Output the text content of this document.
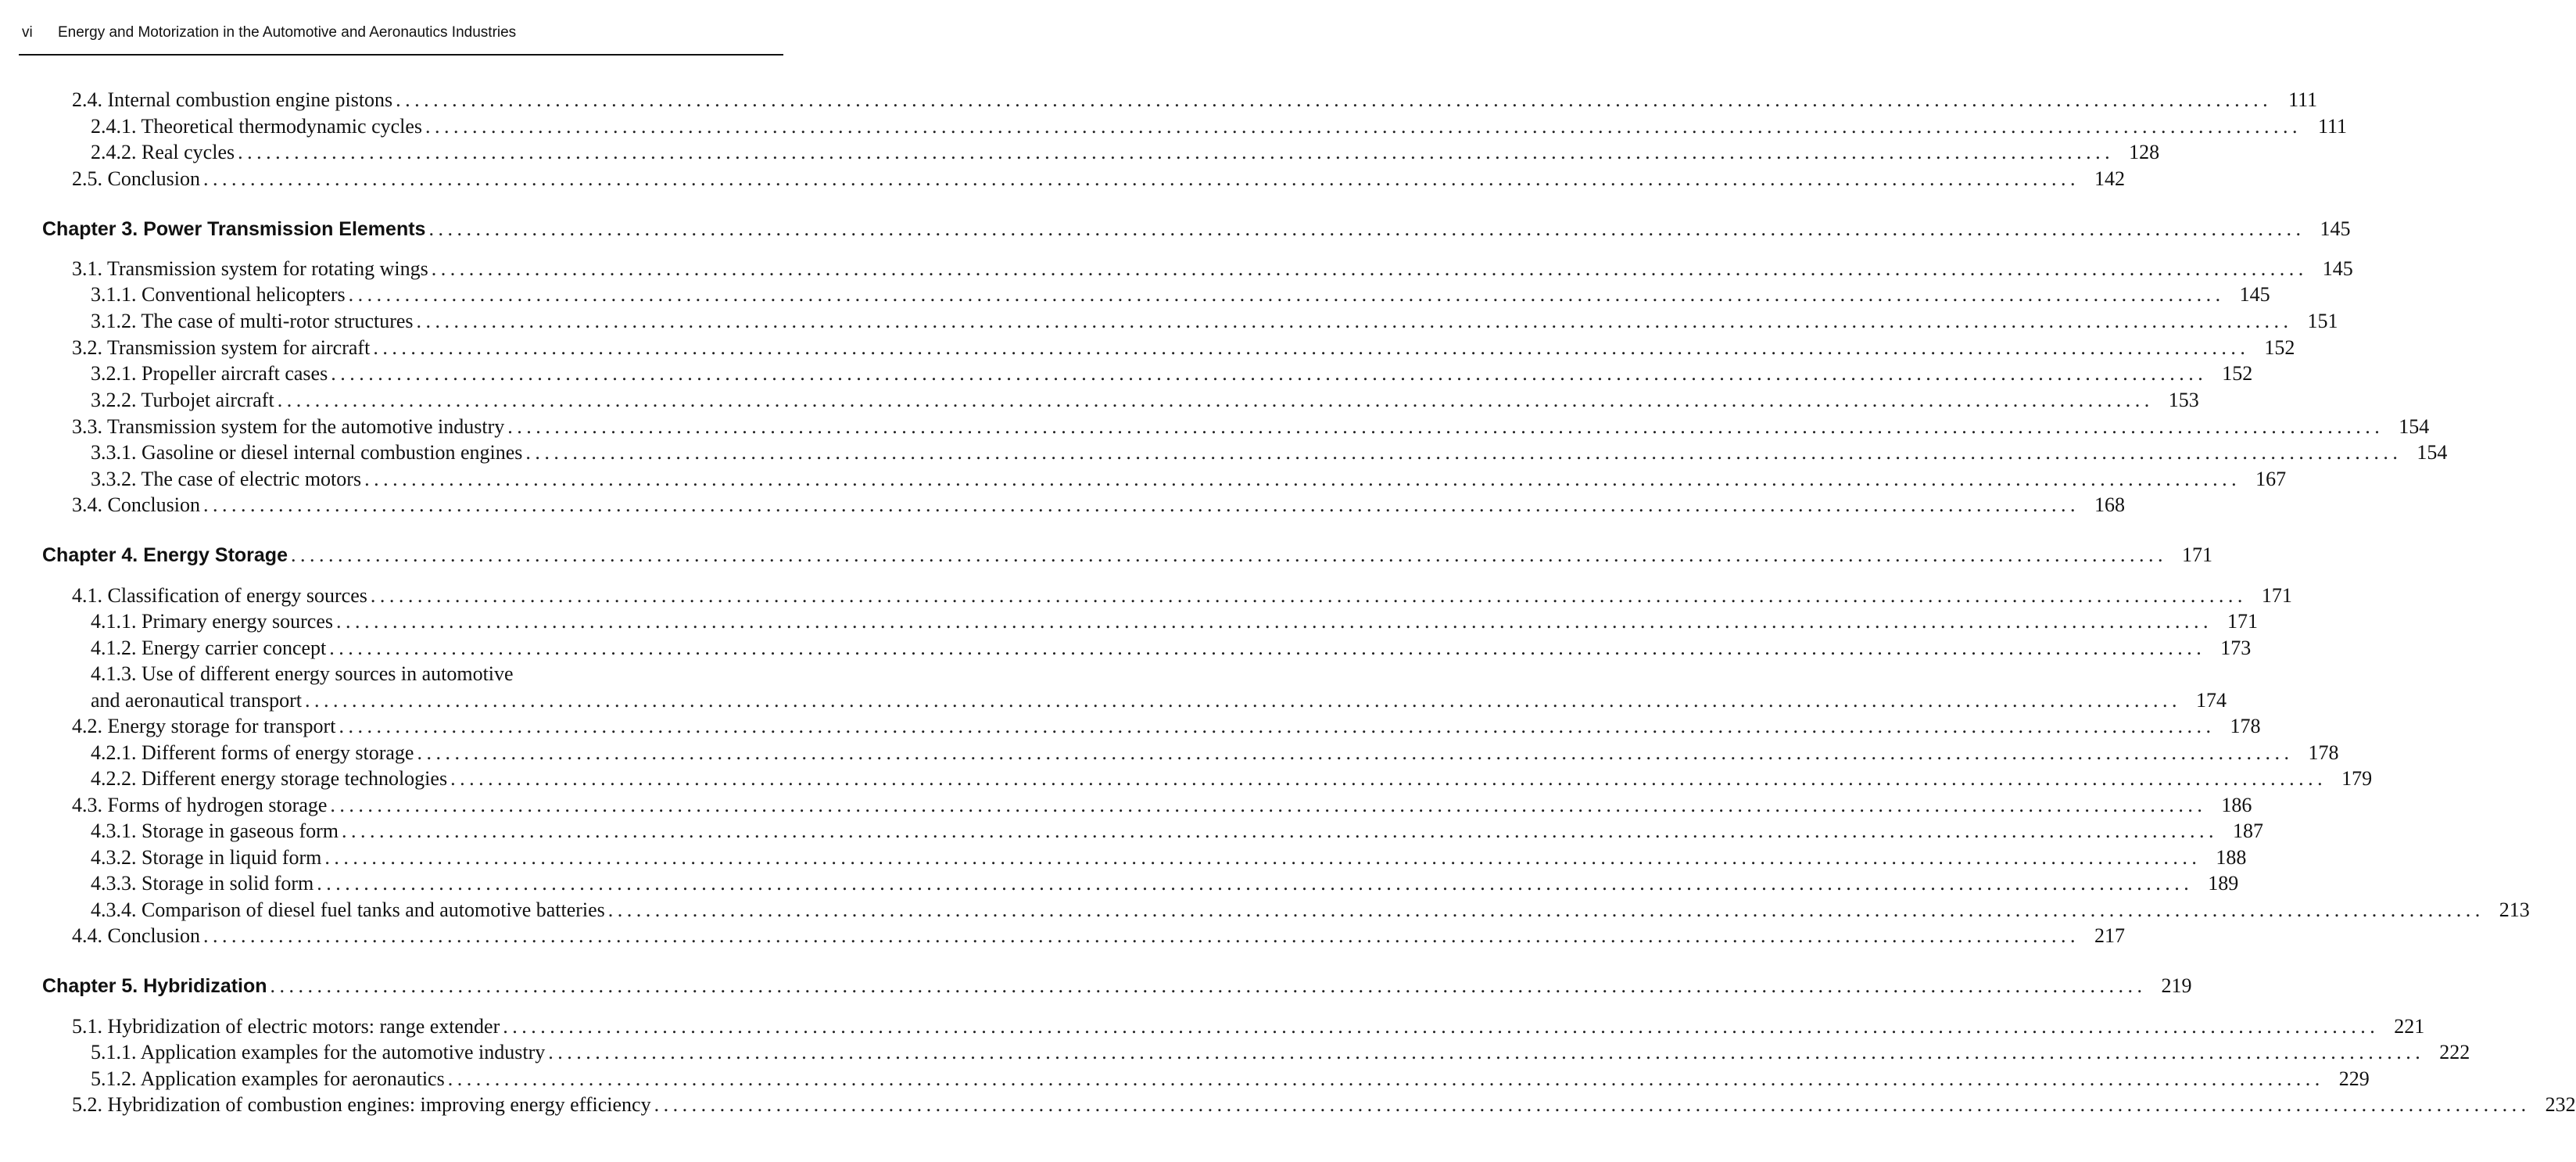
vi Energy and Motorization in the Automotive and Aeronautics Industries
2.4. Internal combustion engine pistons ........................................................................................................................................................................................................ 111
2.4.1. Theoretical thermodynamic cycles ........................................................................................................................................................................................................ 111
2.4.2. Real cycles ........................................................................................................................................................................................................ 128
2.5. Conclusion ........................................................................................................................................................................................................ 142
Chapter 3. Power Transmission Elements ........................................................................................................................................................................................................ 145
3.1. Transmission system for rotating wings ........................................................................................................................................................................................................ 145
3.1.1. Conventional helicopters ........................................................................................................................................................................................................ 145
3.1.2. The case of multi-rotor structures ........................................................................................................................................................................................................ 151
3.2. Transmission system for aircraft ........................................................................................................................................................................................................ 152
3.2.1. Propeller aircraft cases ........................................................................................................................................................................................................ 152
3.2.2. Turbojet aircraft ........................................................................................................................................................................................................ 153
3.3. Transmission system for the automotive industry ........................................................................................................................................................................................................ 154
3.3.1. Gasoline or diesel internal combustion engines ........................................................................................................................................................................................................ 154
3.3.2. The case of electric motors ........................................................................................................................................................................................................ 167
3.4. Conclusion ........................................................................................................................................................................................................ 168
Chapter 4. Energy Storage ........................................................................................................................................................................................................ 171
4.1. Classification of energy sources ........................................................................................................................................................................................................ 171
4.1.1. Primary energy sources ........................................................................................................................................................................................................ 171
4.1.2. Energy carrier concept ........................................................................................................................................................................................................ 173
4.1.3. Use of different energy sources in automotive
and aeronautical transport ........................................................................................................................................................................................................ 174
4.2. Energy storage for transport ........................................................................................................................................................................................................ 178
4.2.1. Different forms of energy storage ........................................................................................................................................................................................................ 178
4.2.2. Different energy storage technologies ........................................................................................................................................................................................................ 179
4.3. Forms of hydrogen storage ........................................................................................................................................................................................................ 186
4.3.1. Storage in gaseous form ........................................................................................................................................................................................................ 187
4.3.2. Storage in liquid form ........................................................................................................................................................................................................ 188
4.3.3. Storage in solid form ........................................................................................................................................................................................................ 189
4.3.4. Comparison of diesel fuel tanks and automotive batteries ........................................................................................................................................................................................................ 213
4.4. Conclusion ........................................................................................................................................................................................................ 217
Chapter 5. Hybridization ........................................................................................................................................................................................................ 219
5.1. Hybridization of electric motors: range extender ........................................................................................................................................................................................................ 221
5.1.1. Application examples for the automotive industry ........................................................................................................................................................................................................ 222
5.1.2. Application examples for aeronautics ........................................................................................................................................................................................................ 229
5.2. Hybridization of combustion engines: improving energy efficiency ........................................................................................................................................................................................................ 232
